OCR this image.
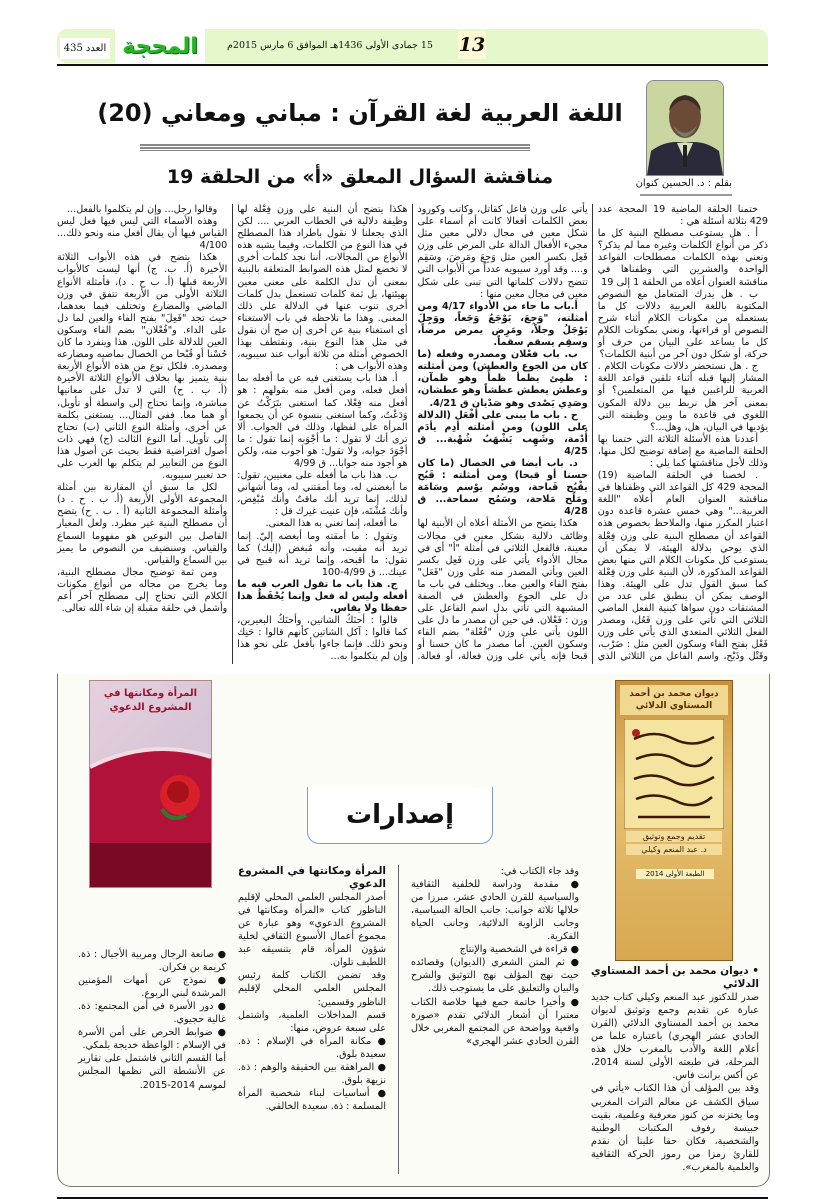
العدد
435	المحجة	15 جمادى الأولى 1436هـ الموافق 6 مارس 2015م	13
اللغة العربية لغة القرآن : مباني ومعاني (20)
مناقشة السؤال المعلق «أ» من الحلقة 19	بقلم : د. الحسين كنوان

ختمنا الحلقة الماضية 19 المحجة عدد 429 بثلاثة أسئلة هي :

أ . هل يستوعب مصطلح البنية كل ما ذكر من أنواع الكلمات وغيره مما لم يذكر؟ ونعني بهذه الكلمات مصطلحات القواعد الواحدة والعشرين التي وظفناها في مناقشة العنوان أعلاه من الحلقة 1 إلى 19

ب . هل يدرك المتعامل مع النصوص المكتوبة باللغة العربية دلالات كل ما يستعمله من مكونات الكلام أثناء شرح النصوص أو قراءتها، ونعني بمكونات الكلام كل ما يساعد على البيان من حرف أو حركة، أو شكل دون آخر من أبنية الكلمات؟

ج . هل نستحضر دلالات مكونات الكلام . المشار إليها قبله أثناء تلقين قواعد اللغة العربية للراغبين فيها من المتعلمين؟ أو بمعنى آخر هل نربط بين دلالة المكون اللغوي في قاعدة ما وبين وظيفته التي يؤديها في البيان، هل، وهل...؟

أعددنا هذه الأسئلة الثلاثة التي ختمنا بها الحلقة الماضية مع إضافة توضيح لكل منها، وذلك لأجل مناقشتها كما يلي :

. لخصنا في الحلقة الماضية (19) المحجة 429 كل القواعد التي وظفناها في مناقشة العنوان العام أعلاه "اللغة العربية..." وهي خمس عشرة قاعدة دون اعتبار المكرر منها، والملاحظ بخصوص هذه القواعد أن مصطلح البنية على وزن فِعْلة الذي يوحي بدلالة الهيئة، لا يمكن أن يستوعب كل مكونات الكلام التي منها بعض القواعد المذكورة، لأن البنية على وزن فِعْلة كما سبق القول تدل على الهيئة. وهذا الوصف يمكن أن ينطبق على عدد من المشتقات دون سواها كبنية الفعل الماضي الثلاثي التي تأتي على وزن فَعُل، ومصدر الفعل الثلاثي المتعدي الذي يأتي على وزن فَعْل بفتح الفاء وسكون العين مثل : ضَرْب، وقَتْل وذَبْح، واسم الفاعل من الثلاثي الذي يأتي على وزن فاعل كقاتل، وكاتب وكورود بعض الكلمات أفعالا كانت أم أسماء على شكل معين في مجال دلالي معين مثل مجيء الأفعال الدالة على المرض على وزن فَعِل بكسر العين مثل وَجِعَ ومَرِضَ، وسَقِم و.... وقد أورد سيبويه عدداً من الأبواب التي تتضح دلالات كلماتها التي تبنى على شكل معين في مجال معين منها :

أ.باب ما جاء من الأدواء 4/17 ومن أمثلته، "وَجِعَ، يَوْجَعُ وَجَعاً، ووَجِلَ يَوْجَلُ وجلاً، ومَرِض يمرض مرضاً، وسقِم يسقم سقماً.

ب. باب فعْلان ومصدره وفعله (ما كان من الجوع والعطش) ومن أمثلته : ظمِئ يظمأ ظمأً وهو ظمآن، وعطش يعطش عطشاً وهو عطشان، وصَدِي يَصْدى وهو صَدْيان ق 4/21.

ح . باب ما يبنى على أفْعَل (الدلالة على اللون) ومن أمثلته أدِم يأدَم أُدْمة، وشَهِب يَشْهَبُ شُهْبة... ق 4/25

د. باب أيضا في الخصال (ما كان حسنا أو قبحا) ومن أمثلته : قَبُح يقْبُح قَباحة، ووسُم يوْسم وسَامَة ومَلُح مَلاحة، وسَمُح سماحة... ق 4/28

هكذا يتضح من الأمثلة أعلاه أن الأبنية لها وظائف دلالية بشكل معين في مجالات معينة، فالفعل الثلاثي في أمثلة "أ" أي في مجال الأدواء يأتي على وزن فَعِل بكسر العين ويأتي المصدر منه على وزن "فَعَل" بفتح الفاء والعين معا.. ويختلف في باب ما دل على الجوع والعطش في الصفة المشبهة التي تأتي بدل اسم الفاعل على وزن : فَعْلان. في حين أن مصدر ما دل على اللون يأتي على وزن "فُعْلة" بضم الفاء وسكون العين. أما مصدر ما كان حسنا أو قبحا فإنه يأتي على وزن فعالة، أو فعالة. هكذا يتضح أن البنية على وزن فِعْلة لها وظيفة دلالية في الخطاب العربي .... لكن الذي يجعلنا لا نقول باطراد هذا المصطلح في هذا النوع من الكلمات، وفيما يشبه هذه الأنواع من المجالات، أننا نجد كلمات أخرى لا تخضع لمثل هذه الضوابط المتعلقة بالبنية بمعنى أن تدل الكلمة على معنى معين بهيئتها، بل ثمة كلمات تستعمل بدل كلمات أخرى تنوب عنها في الدلالة على ذلك المعنى. وهذا ما نلاحظه في باب الاستغناء أي استغناء بنية عن أخرى إن صح أن نقول في مثل هذا النوع بنية، ونقتطف بهذا الخصوص أمثلة من ثلاثة أبواب عند سيبويه، وهذه الأبواب هي :

أ. هذا باب يستغنى فيه عن ما أفعله بما أفعل فعله، ومن أفعل منه بقولهم : هو أفعل منه فِعْلا، كما استغنى بتَرَكْتُ عن وَدَعْتُ، وكما استغنى بنسوة عن أن يجمعوا المرأة على لفظها، وذلك في الجواب. ألا ترى أنك لا تقول : ما أجْوَبه إنما تقول : ما أجْوَدَ جوابه، ولا تقول: هو أجوب منه، ولكن هو أجود منه جوابا... ق 4/99

ب. هذا باب ما أفعله على معنيين، تقول: ما أبغضني له، وما أمقتني له، وما أشهاني لذلك، إنما تريد أنك ماقتٌ وأنك مُبْغِض، وأنك مُشْتَه، فإن عنيت غيرك قل :

ما أفعله، إنما تعني به هذا المعنى.

وتقول : ما أمقته وما أبغضه إليّ. إنما تريد أنه مقيت، وأنه مُبغض (إليك) كما تقول: ما أقبحه، وإنما تريد أنه قبيح في عينك... ق 4/99-100

ج. هذا باب ما تقول العرب فيه ما أفعله وليس له فعل وإنما يُحْفَظُ هذا حفظا ولا يقاس.

قالوا : أحنَكُ الشاتين، وأحنَكُ البعيرين، كما قالوا : آكل الشاتين كأنهم قالوا : حَنِك ونحو ذلك. فإنما جاءوا بأفعل على نحو هذا وإن لم يتكلموا به...

وقالوا رجل... وإن لم يتكلموا بالفعل...

وهذه الأسماء التي ليس فيها فعل ليس القياس فيها أن يقال أفعل منه ونحو ذلك... 4/100

هكذا يتضح في هذه الأبواب الثلاثة الأخيرة (أ. ب. ج) أنها ليست كالأبواب الأربعة قبلها (أ. ب ح . د)، فأمثلة الأنواع الثلاثة الأولى من الأربعة تتفق في وزن الماضي والمضارع وتختلف فيما بعدهما، حيث تجد "فَعِلَ" بفتح الفاء والعين لما دل على الداء. و"فُعْلان" بضم الفاء وسكون العين للدلالة على اللون. هذا وينفرد ما كان حُسْنا أو قُبْحا من الخصال بماضيه ومضارعه ومصدره. فلكل نوع من هذه الأنواع الأربعة بنية يتميز بها بخلاف الأنواع الثلاثة الأخيرة (أ. ب . ح) التي لا تدل على معانيها مباشرة، وإنما تحتاج إلى واسطة أو تأويل، أو هما معا. ففي المثال... يستغنى بكلمة عن أخرى، وأمثلة النوع الثاني (ب) تحتاج إلى تأويل. أما النوع الثالث (ج) فهي ذات أصول افتراضية فقط بحيث عن أصول هذا النوع من التعابير لم يتكلم بها العرب على حد تعبير سيبويه.

لكل ما سبق أن المقارنة بين أمثلة المجموعة الأولى الأربعة (أ. ب . ح . د) وأمثلة المجموعة الثانية (أ . ب . ح) يتضح أن مصطلح البنية غير مطرد. ولعل المعيار الفاصل بين النوعين هو مفهوما السماع والقياس. وسنضيف من النصوص ما يميز بين السماع والقياس.

ومن ثمة توضيح مجال مصطلح البنية، وما يخرج من مجاله من أنواع مكونات الكلام التي تحتاج إلى مصطلح آخر أعم وأشمل في حلقة مقبلة إن شاء الله تعالى.

إصدارات
ديوان محمد بن أحمد المستاوي الدلائي
تقديم وجمع وتوثيق
د. عبد المنعم وكيلي
الطبعة الأولى 2014

• ديوان محمد بن أحمد المستاوي الدلائي

صدر للدكتور عبد المنعم وكيلي كتاب جديد عبارة عن تقديم وجمع وتوثيق لديوان محمد بن أحمد المستاوي الدلائي (القرن الحادي عشر الهجري) باعتباره علما من أعلام اللغة والأدب بالمغرب خلال هذه المرحلة، في طبعته الأولى لسنة 2014، عن أكس برانت فاس.

وقد بين المؤلف أن هذا الكتاب «يأتي في سياق الكشف عن معالم التراث المغربي وما يختزنه من كنوز معرفية وعلمية، بقيت حبيسة رفوف المكتبات الوطنية والشخصية، فكان حقا علينا أن نقدم للقارئ رمزا من رموز الحركة الثقافية والعلمية بالمغرب».

وقد جاء الكتاب في:

● مقدمة ودراسة للخلفية الثقافية والسياسية للقرن الحادي عشر، مبرزا من خلالها ثلاثة جوانب: جانب الحالة السياسية، وجانب الزاوية الدلائية، وجانب الحياة الفكرية.

● قراءة في الشخصية والإنتاج

● ثم المتن الشعري (الديوان) وقصائده حيث نهج المؤلف نهج التوثيق والشرح والبيان والتعليق على ما يستوجب ذلك.

● وأخيرا خاتمة جمع فيها خلاصة الكتاب معتبرا أن أشعار الدلائي تقدم «صورة واقعية وواضحة عن المجتمع المغربي خلال القرن الحادي عشر الهجري»

المرأة ومكانتها في المشروع الدعوي

أصدر المجلس العلمي المحلي لإقليم الناظور كتاب «المرأة ومكانتها في المشروع الدعوي» وهو عبارة عن مجموع أعمال الأسبوع الثقافي لخلية شؤون المرأة، قام بتنسيقه عبد اللطيف تلوان.

وقد تضمن الكتاب كلمة رئيس المجلس العلمي المحلي لإقليم الناظور وقسمين:

قسم المداخلات العلمية، واشتمل على سبعة عروض، منها:

● مكانة المرأة في الإسلام : ذة. سعيدة بلوق.

● المراهقة بين الحقيقة والوهم : ذة. نزيهة بلوق.

● أساسيات لبناء شخصية المرأة المسلمة : ذة. سعيدة الخالقي.

المرأة ومكانتها في المشروع الدعوي

● صانعة الرجال ومربية الأجيال : ذة. كريمة بن فكران.

● نموذج عن أمهات المؤمنين المرشدة لبني الربوع.

● دور الأسرة في أمن المجتمع: ذة. غالية حجيوي.

● ضوابط الحرص على أمن الأسرة في الإسلام : الواعظة خديجة بلمكي.

أما القسم الثاني فاشتمل على تقارير عن الأنشطة التي نظمها المجلس لموسم 2014-2015.
